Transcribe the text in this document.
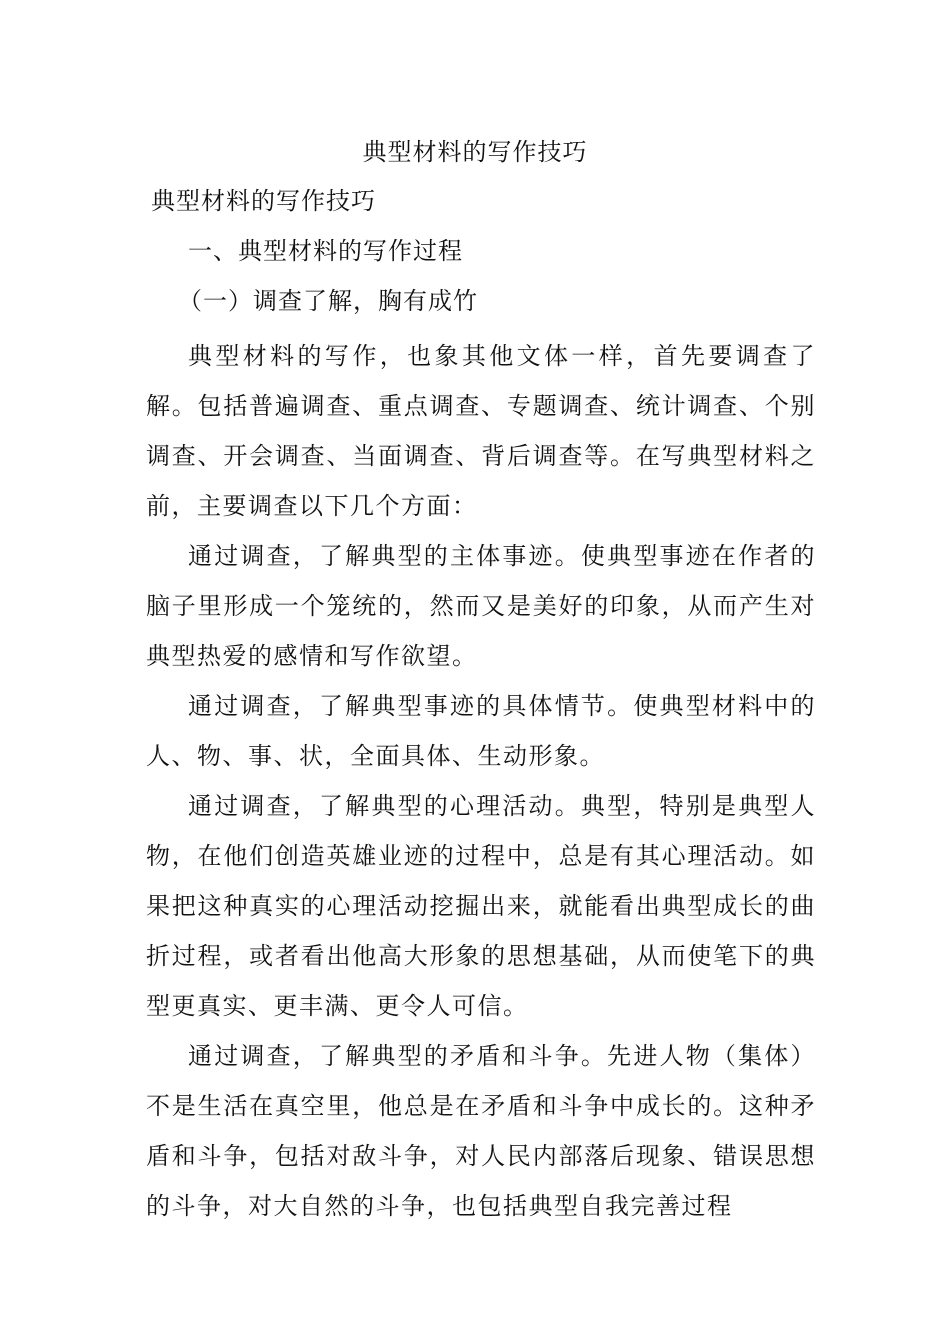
典型材料的写作技巧
典型材料的写作技巧
一、典型材料的写作过程
（一）调查了解，胸有成竹

典型材料的写作，也象其他文体一样，首先要调查了解。包括普遍调查、重点调查、专题调查、统计调查、个别调查、开会调查、当面调查、背后调查等。在写典型材料之前，主要调查以下几个方面：

通过调查，了解典型的主体事迹。使典型事迹在作者的脑子里形成一个笼统的，然而又是美好的印象，从而产生对典型热爱的感情和写作欲望。

通过调查，了解典型事迹的具体情节。使典型材料中的人、物、事、状，全面具体、生动形象。

通过调查，了解典型的心理活动。典型，特别是典型人物，在他们创造英雄业迹的过程中，总是有其心理活动。如果把这种真实的心理活动挖掘出来，就能看出典型成长的曲折过程，或者看出他高大形象的思想基础，从而使笔下的典型更真实、更丰满、更令人可信。

通过调查，了解典型的矛盾和斗争。先进人物（集体）不是生活在真空里，他总是在矛盾和斗争中成长的。这种矛盾和斗争，包括对敌斗争，对人民内部落后现象、错误思想的斗争，对大自然的斗争，也包括典型自我完善过程
